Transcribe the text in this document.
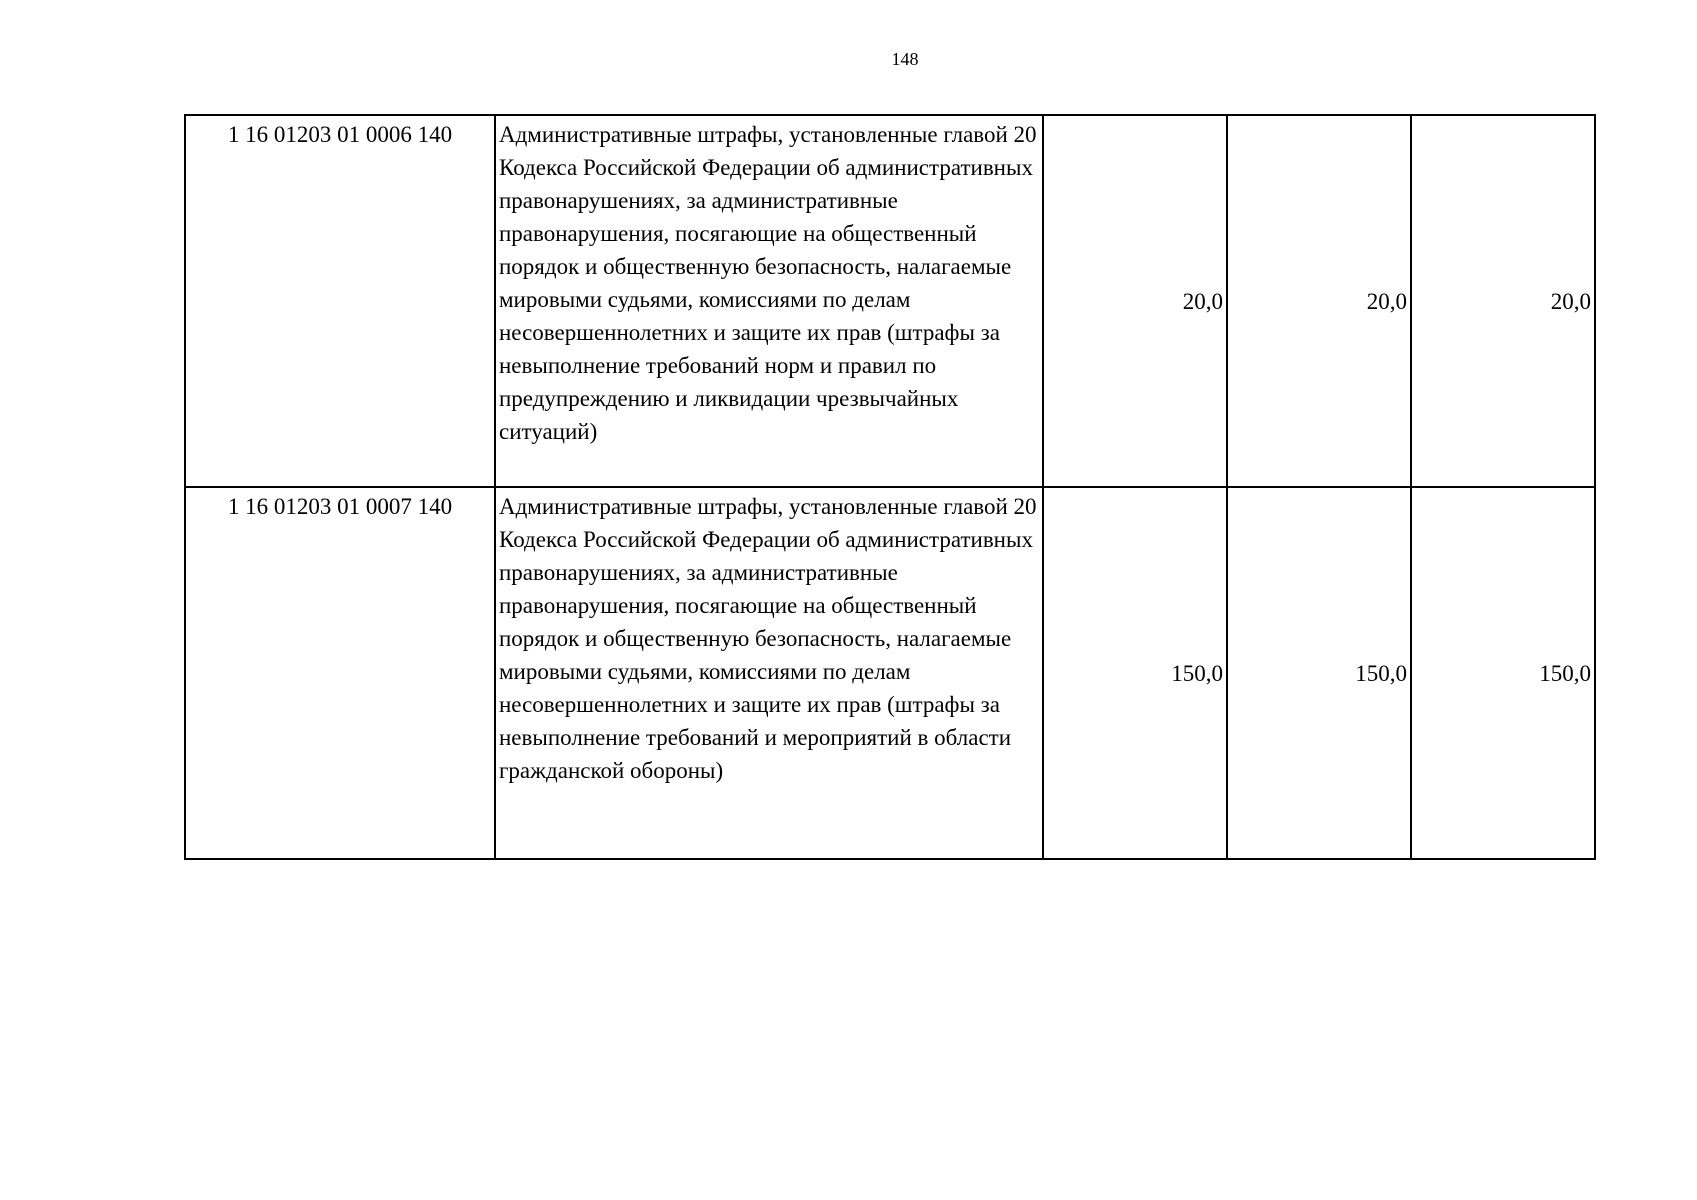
148
1 16 01203 01 0006 140	Административные штрафы, установленные главой 20 Кодекса Российской Федерации об административных правонарушениях, за административные правонарушения, посягающие на общественный порядок и общественную безопасность, налагаемые мировыми судьями, комиссиями по делам несовершеннолетних и защите их прав (штрафы за невыполнение требований норм и правил по предупреждению и ликвидации чрезвычайных ситуаций)	20,0	20,0	20,0
1 16 01203 01 0007 140	Административные штрафы, установленные главой 20 Кодекса Российской Федерации об административных правонарушениях, за административные правонарушения, посягающие на общественный порядок и общественную безопасность, налагаемые мировыми судьями, комиссиями по делам несовершеннолетних и защите их прав (штрафы за невыполнение требований и мероприятий в области гражданской обороны)	150,0	150,0	150,0
